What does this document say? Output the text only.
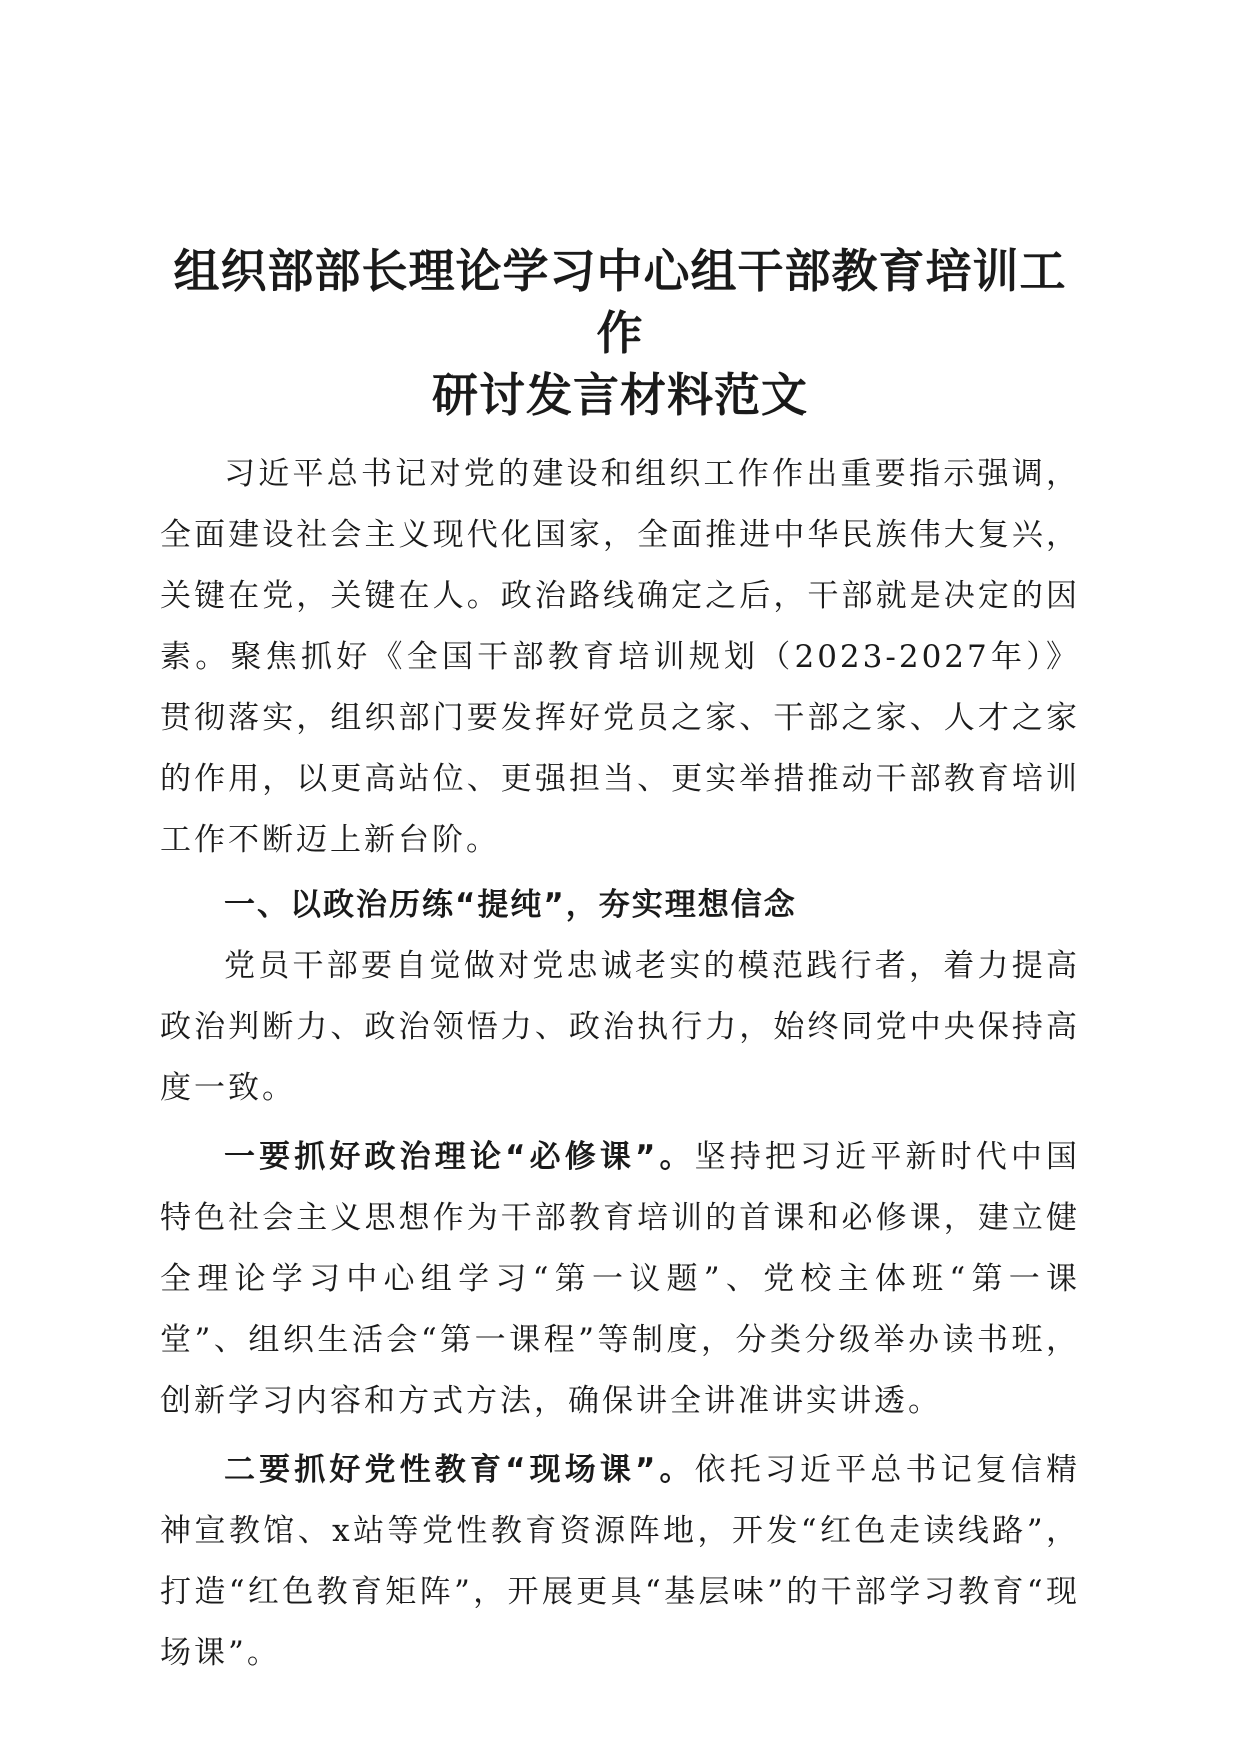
组织部部长理论学习中心组干部教育培训工作
研讨发言材料范文

习近平总书记对党的建设和组织工作作出重要指示强调，全面建设社会主义现代化国家，全面推进中华民族伟大复兴，关键在党，关键在人。政治路线确定之后，干部就是决定的因素。聚焦抓好《全国干部教育培训规划（2023-2027年）》贯彻落实，组织部门要发挥好党员之家、干部之家、人才之家的作用，以更高站位、更强担当、更实举措推动干部教育培训工作不断迈上新台阶。

一、以政治历练“提纯”，夯实理想信念

党员干部要自觉做对党忠诚老实的模范践行者，着力提高政治判断力、政治领悟力、政治执行力，始终同党中央保持高度一致。

一要抓好政治理论“必修课”。坚持把习近平新时代中国特色社会主义思想作为干部教育培训的首课和必修课，建立健全理论学习中心组学习“第一议题”、党校主体班“第一课堂”、组织生活会“第一课程”等制度，分类分级举办读书班，创新学习内容和方式方法，确保讲全讲准讲实讲透。

二要抓好党性教育“现场课”。依托习近平总书记复信精神宣教馆、x站等党性教育资源阵地，开发“红色走读线路”，打造“红色教育矩阵”，开展更具“基层味”的干部学习教育“现场课”。
